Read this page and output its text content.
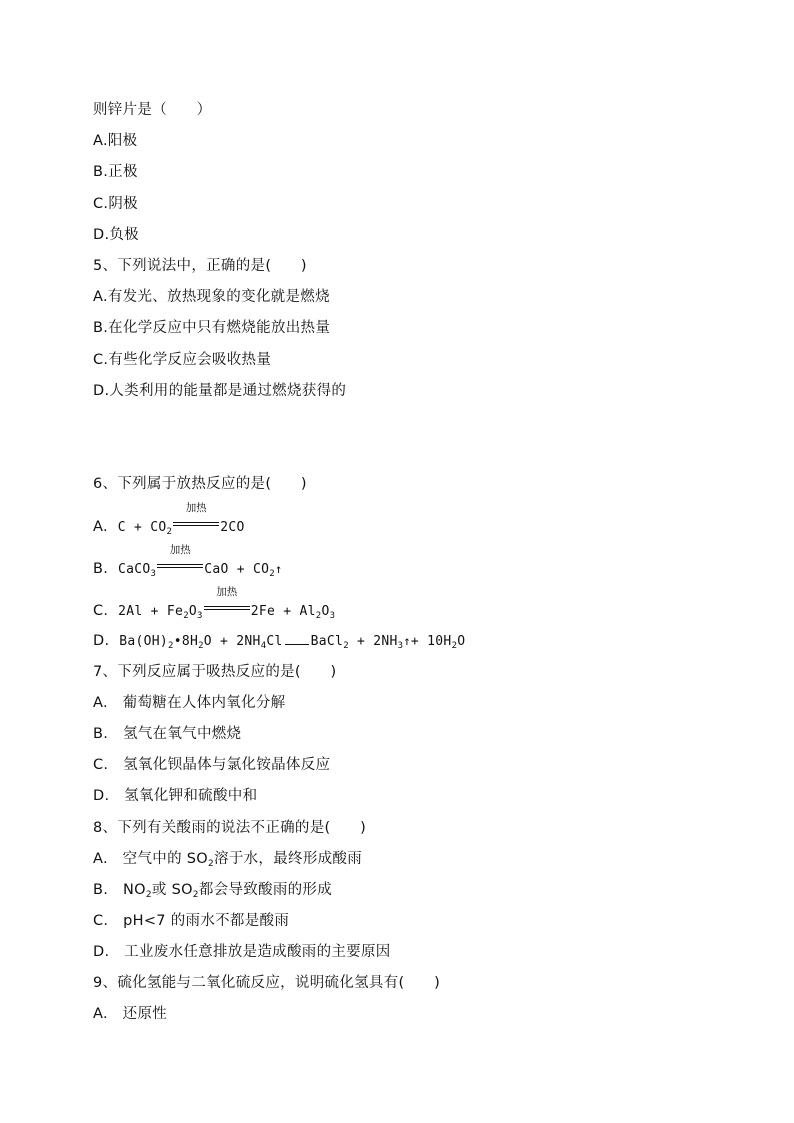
则锌片是（　　）
A.阳极
B.正极
C.阴极
D.负极
5、下列说法中，正确的是(　　)
A.有发光、放热现象的变化就是燃烧
B.在化学反应中只有燃烧能放出热量
C.有些化学反应会吸收热量
D.人类利用的能量都是通过燃烧获得的
6、下列属于放热反应的是(　　)
A. $C + CO_2$
加热
2CO
B. CaCO$_3$
加热
CaO + $CO_2↑$
C. $2Al + Fe_2O_3$
加热
$2Fe + Al_2O_3$
D. $Ba(OH)_2•8H_2O + 2NH_4Cl$ BaCl$_2$ + $2NH_3↑+ 10H_2O$
7、下列反应属于吸热反应的是(　　)
A.　葡萄糖在人体内氧化分解
B.　氢气在氧气中燃烧
C.　氢氧化钡晶体与氯化铵晶体反应
D.　氢氧化钾和硫酸中和
8、下列有关酸雨的说法不正确的是(　　)
A.　空气中的 $SO_2$溶于水，最终形成酸雨
B.　$NO_2$或 $SO_2$都会导致酸雨的形成
C.　pH<7 的雨水不都是酸雨
D.　工业废水任意排放是造成酸雨的主要原因
9、硫化氢能与二氧化硫反应，说明硫化氢具有(　　)
A.　还原性
